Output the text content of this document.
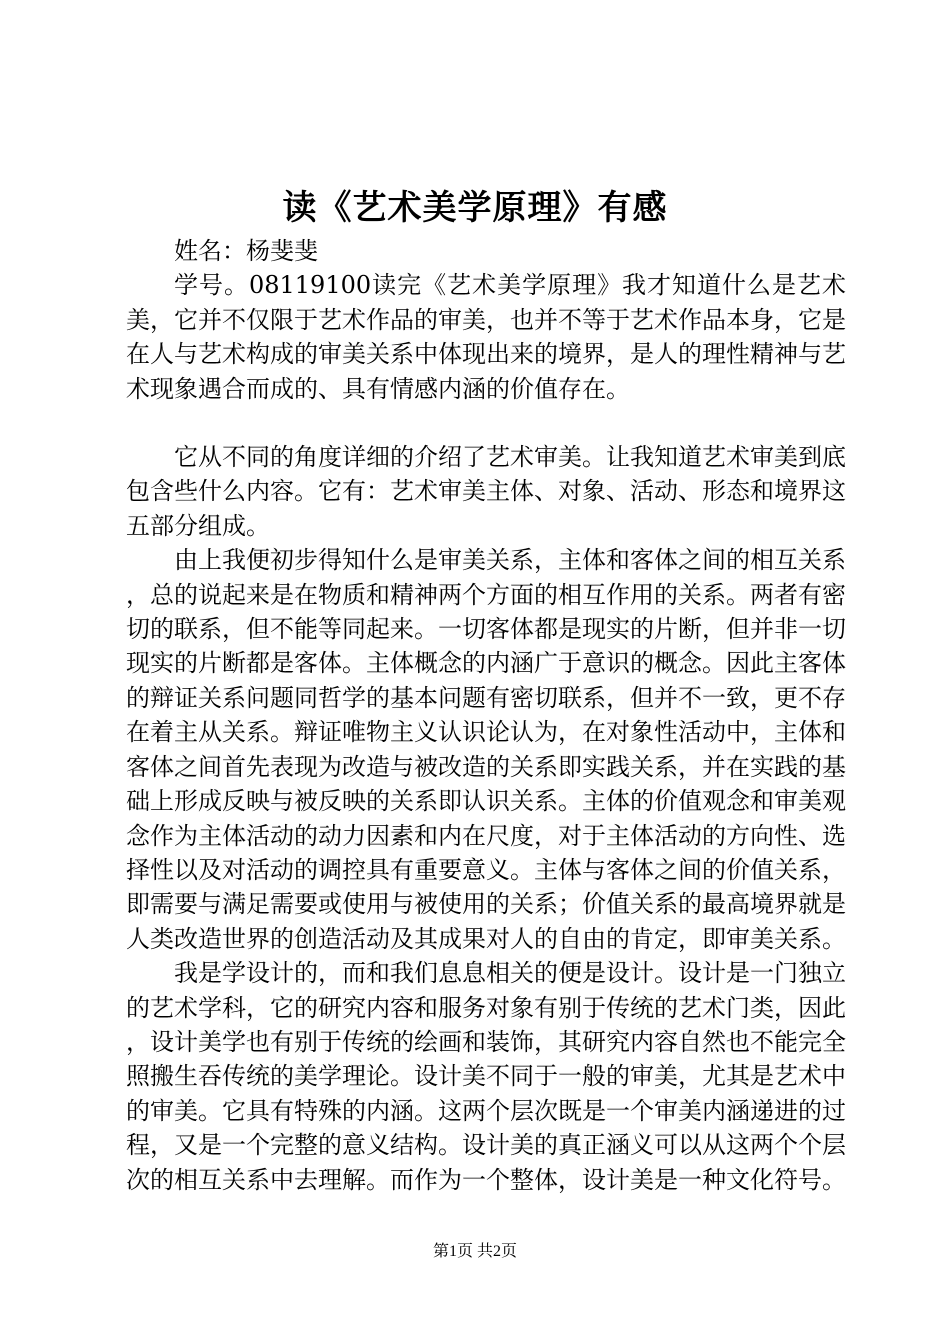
读《艺术美学原理》有感

姓名：杨斐斐

学号。08119100读完《艺术美学原理》我才知道什么是艺术美，它并不仅限于艺术作品的审美，也并不等于艺术作品本身，它是在人与艺术构成的审美关系中体现出来的境界，是人的理性精神与艺术现象遇合而成的、具有情感内涵的价值存在。

它从不同的角度详细的介绍了艺术审美。让我知道艺术审美到底包含些什么内容。它有：艺术审美主体、对象、活动、形态和境界这五部分组成。

由上我便初步得知什么是审美关系，主体和客体之间的相互关系，总的说起来是在物质和精神两个方面的相互作用的关系。两者有密切的联系，但不能等同起来。一切客体都是现实的片断，但并非一切现实的片断都是客体。主体概念的内涵广于意识的概念。因此主客体的辩证关系问题同哲学的基本问题有密切联系，但并不一致，更不存在着主从关系。辩证唯物主义认识论认为，在对象性活动中，主体和客体之间首先表现为改造与被改造的关系即实践关系，并在实践的基础上形成反映与被反映的关系即认识关系。主体的价值观念和审美观念作为主体活动的动力因素和内在尺度，对于主体活动的方向性、选择性以及对活动的调控具有重要意义。主体与客体之间的价值关系，即需要与满足需要或使用与被使用的关系；价值关系的最高境界就是人类改造世界的创造活动及其成果对人的自由的肯定，即审美关系。

我是学设计的，而和我们息息相关的便是设计。设计是一门独立的艺术学科，它的研究内容和服务对象有别于传统的艺术门类，因此，设计美学也有别于传统的绘画和装饰，其研究内容自然也不能完全照搬生吞传统的美学理论。设计美不同于一般的审美，尤其是艺术中的审美。它具有特殊的内涵。这两个层次既是一个审美内涵递进的过程，又是一个完整的意义结构。设计美的真正涵义可以从这两个个层次的相互关系中去理解。而作为一个整体，设计美是一种文化符号。

第1页 共2页
